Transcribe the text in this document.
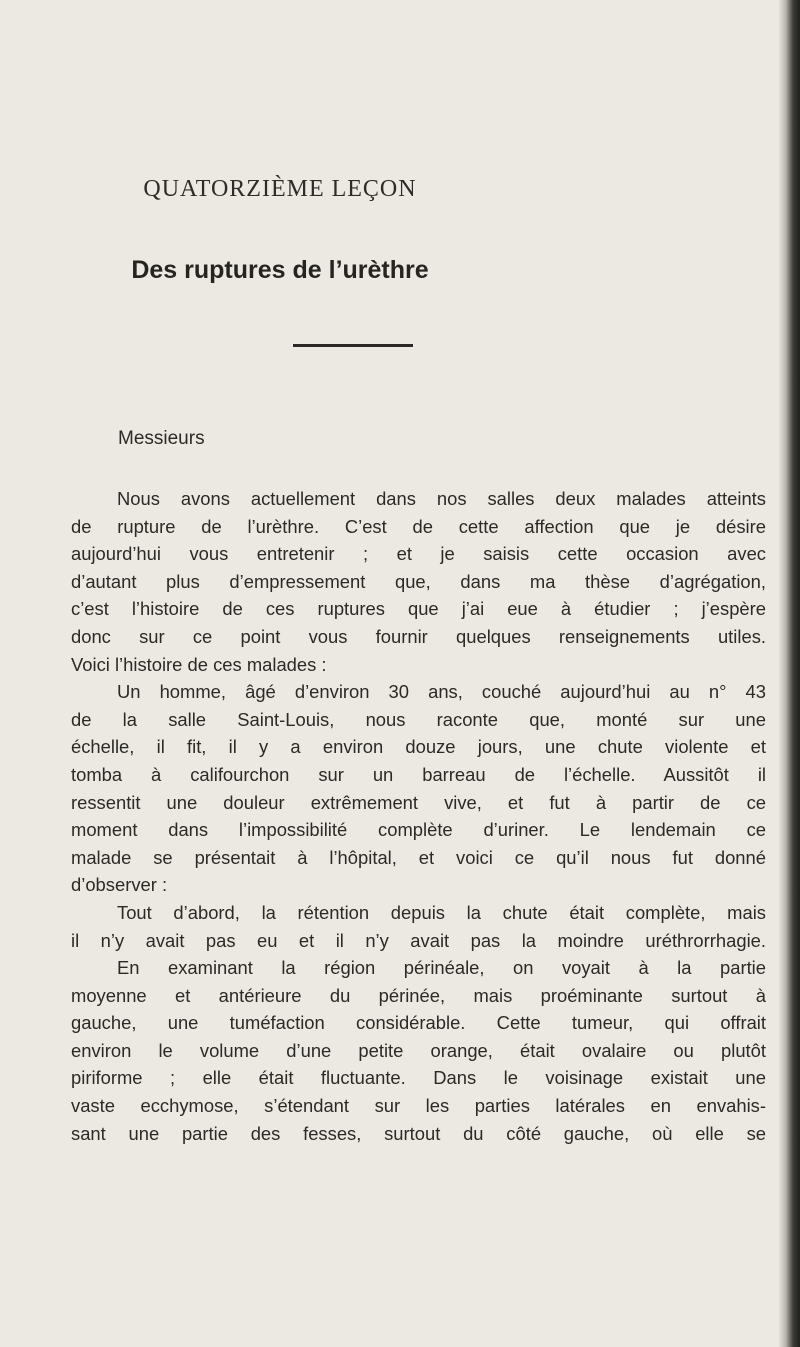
QUATORZIÈME LEÇON
Des ruptures de l’urèthre
Messieurs
Nous avons actuellement dans nos salles deux malades atteints
de rupture de l’urèthre. C’est de cette affection que je désire
aujourd’hui vous entretenir ; et je saisis cette occasion avec
d’autant plus d’empressement que, dans ma thèse d’agrégation,
c’est l’histoire de ces ruptures que j’ai eue à étudier ; j’espère
donc sur ce point vous fournir quelques renseignements utiles.
Voici l’histoire de ces malades :
Un homme, âgé d’environ 30 ans, couché aujourd’hui au n° 43
de la salle Saint-Louis, nous raconte que, monté sur une
échelle, il fit, il y a environ douze jours, une chute violente et
tomba à califourchon sur un barreau de l’échelle. Aussitôt il
ressentit une douleur extrêmement vive, et fut à partir de ce
moment dans l’impossibilité complète d’uriner. Le lendemain ce
malade se présentait à l’hôpital, et voici ce qu’il nous fut donné
d’observer :
Tout d’abord, la rétention depuis la chute était complète, mais
il n’y avait pas eu et il n’y avait pas la moindre uréthrorrhagie.
En examinant la région périnéale, on voyait à la partie
moyenne et antérieure du périnée, mais proéminante surtout à
gauche, une tuméfaction considérable. Cette tumeur, qui offrait
environ le volume d’une petite orange, était ovalaire ou plutôt
piriforme ; elle était fluctuante. Dans le voisinage existait une
vaste ecchymose, s’étendant sur les parties latérales en envahis-
sant une partie des fesses, surtout du côté gauche, où elle se
